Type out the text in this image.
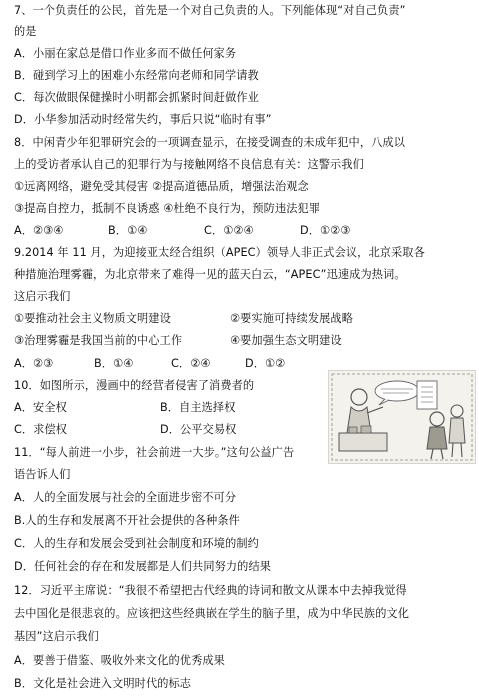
7、一个负责任的公民，首先是一个对自己负责的人。下列能体现“对自己负责”
的是
A．小丽在家总是借口作业多而不做任何家务
B．碰到学习上的困难小东经常向老师和同学请教
C．每次做眼保健操时小明都会抓紧时间赶做作业
D．小华参加活动时经常失约，事后只说“临时有事”
8．中闲青少年犯罪研究会的一项调查显示，在接受调查的未成年犯中，八成以
上的受访者承认自己的犯罪行为与接触网络不良信息有关：这警示我们
①远离网络，避免受其侵害 ②提高道德品质，增强法治观念
③提高自控力，抵制不良诱惑 ④杜绝不良行为，预防违法犯罪
A．②③④	B．①④	C．①②④	D．①②③
9.2014 年 11 月，为迎接亚太经合组织（APEC）领导人非正式会议，北京采取各
种措施治理雾霾，为北京带来了难得一见的蓝天白云，“APEC”迅速成为热词。
这启示我们
①要推动社会主义物质文明建设	②要实施可持续发展战略
③治理雾霾是我国当前的中心工作	④要加强生态文明建设
A．②③	B．①④	C．②④	D．①②
10．如图所示，漫画中的经营者侵害了消费者的
A．安全权	B．自主选择权
C．求偿权	D．公平交易权
11．“每人前进一小步，社会前进一大步。”这句公益广告
语告诉人们
A．人的全面发展与社会的全面进步密不可分
B.人的生存和发展离不开社会提供的各种条件
C．人的生存和发展会受到社会制度和环境的制约
D．任何社会的存在和发展都是人们共同努力的结果
12．习近平主席说：“我很不希望把古代经典的诗词和散文从课本中去掉我觉得
去中国化是很悲哀的。应该把这些经典嵌在学生的脑子里，成为中华民族的文化
基因”这启示我们
A．要善于借鉴、吸收外来文化的优秀成果
B．文化是社会进入文明时代的标志
